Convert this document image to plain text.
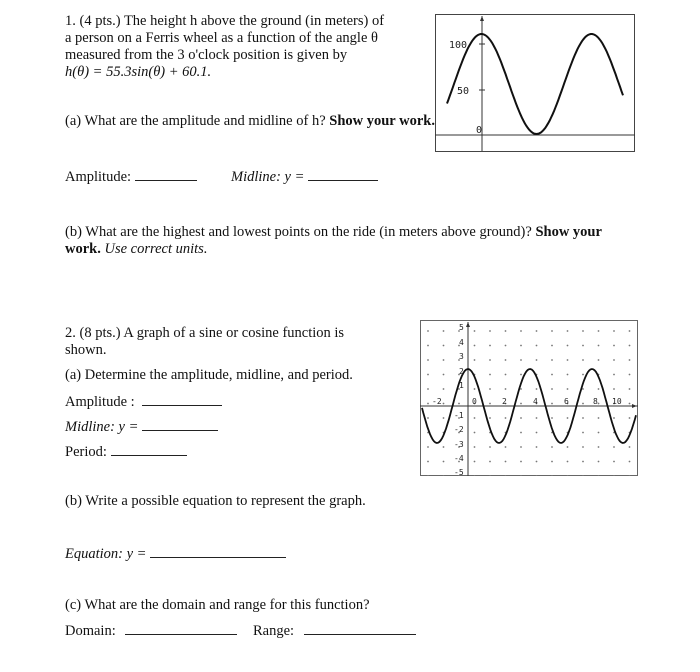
1. (4 pts.) The height h above the ground (in meters) of
a person on a Ferris wheel as a function of the angle θ
measured from the 3 o'clock position is given by
h(θ) = 55.3sin(θ) + 60.1.
(a) What are the amplitude and midline of h? Show your work.
Amplitude:	Midline: y =
(b) What are the highest and lowest points on the ride (in meters above ground)? Show your work. Use correct units.
100
50
0
2. (8 pts.) A graph of a sine or cosine function is
shown.
(a) Determine the amplitude, midline, and period.
Amplitude :
Midline: y =
Period:
(b) Write a possible equation to represent the graph.
Equation: y =
(c) What are the domain and range for this function?
Domain:	Range:
5
4
3
2
1
-1
-2
-3
-4
-5
-2	0	2	4	6	8 10
